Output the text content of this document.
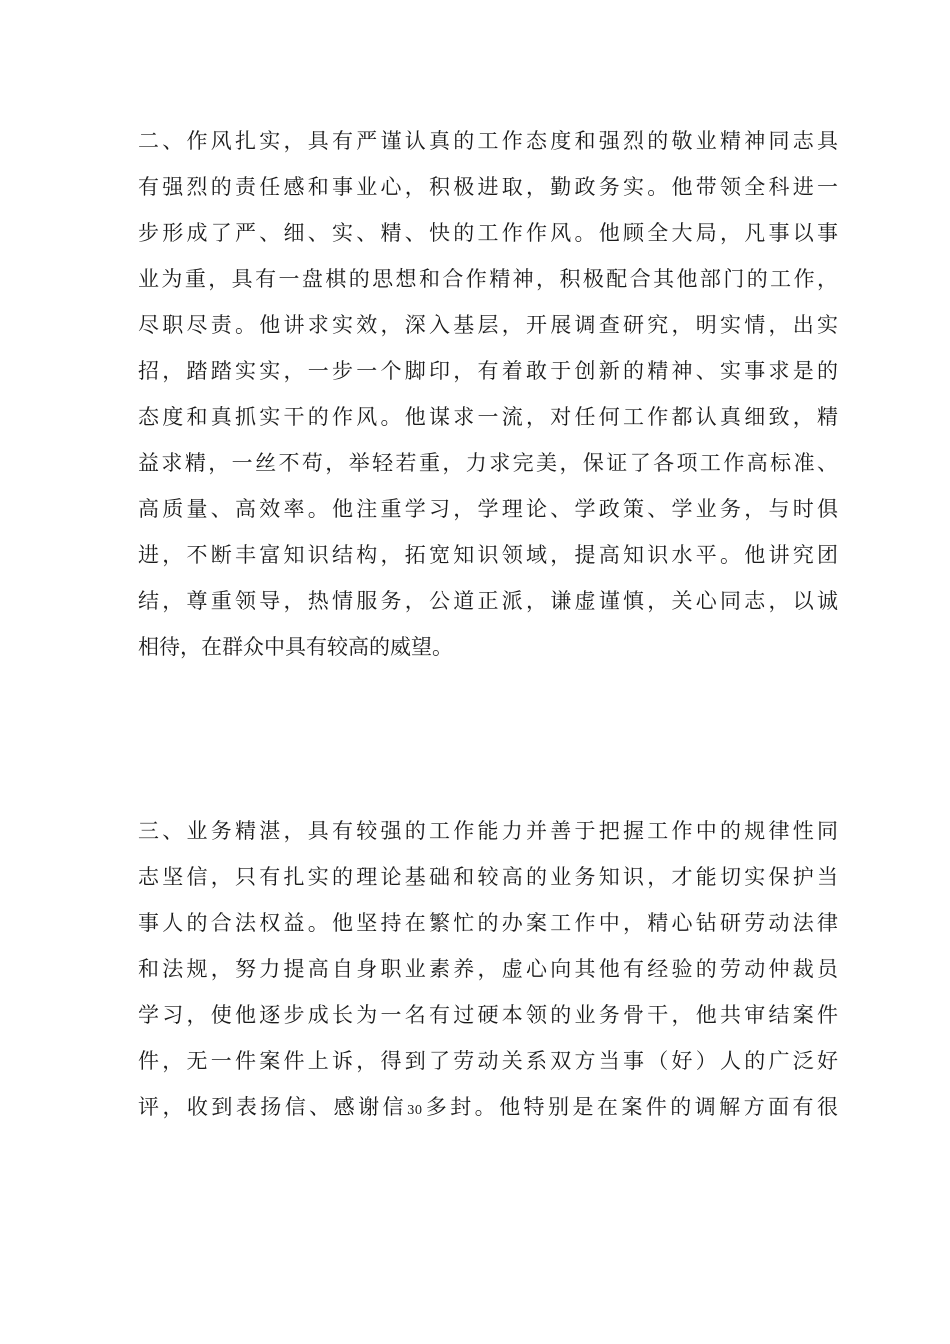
二、作风扎实，具有严谨认真的工作态度和强烈的敬业精神同志具
有强烈的责任感和事业心，积极进取，勤政务实。他带领全科进一
步形成了严、细、实、精、快的工作作风。他顾全大局，凡事以事
业为重，具有一盘棋的思想和合作精神，积极配合其他部门的工作，
尽职尽责。他讲求实效，深入基层，开展调查研究，明实情，出实
招，踏踏实实，一步一个脚印，有着敢于创新的精神、实事求是的
态度和真抓实干的作风。他谋求一流，对任何工作都认真细致，精
益求精，一丝不苟，举轻若重，力求完美，保证了各项工作高标准、
高质量、高效率。他注重学习，学理论、学政策、学业务，与时俱
进，不断丰富知识结构，拓宽知识领域，提高知识水平。他讲究团
结，尊重领导，热情服务，公道正派，谦虚谨慎，关心同志，以诚
相待，在群众中具有较高的威望。
三、业务精湛，具有较强的工作能力并善于把握工作中的规律性同
志坚信，只有扎实的理论基础和较高的业务知识，才能切实保护当
事人的合法权益。他坚持在繁忙的办案工作中，精心钻研劳动法律
和法规，努力提高自身职业素养，虚心向其他有经验的劳动仲裁员
学习，使他逐步成长为一名有过硬本领的业务骨干，他共审结案件
件，无一件案件上诉，得到了劳动关系双方当事（好）人的广泛好
评，收到表扬信、感谢信30多封。他特别是在案件的调解方面有很
